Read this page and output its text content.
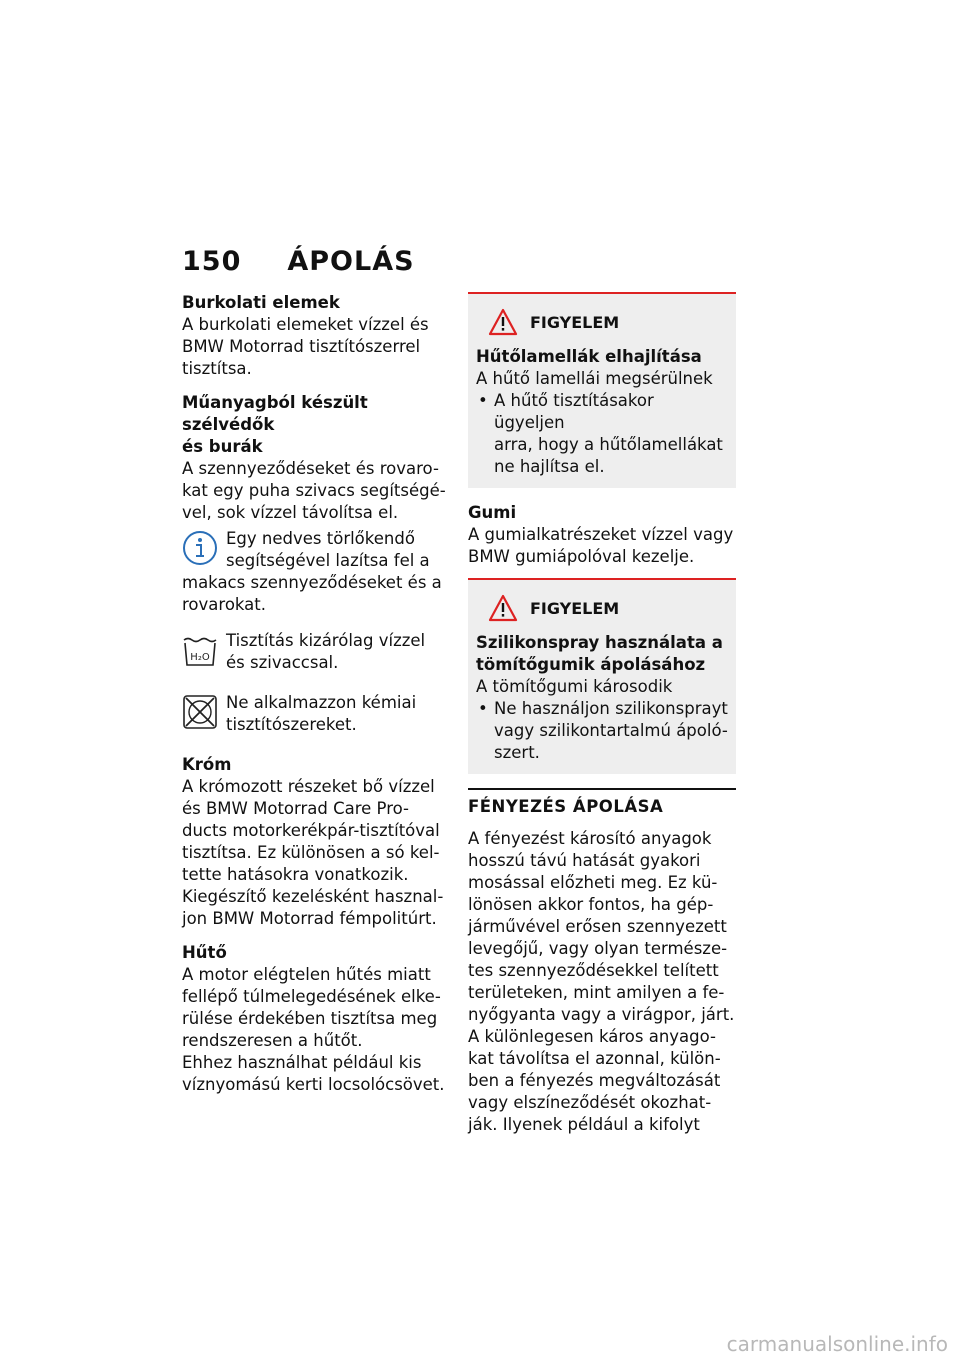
150 ÁPOLÁS
Burkolati elemek
A burkolati elemeket vízzel és
BMW Motorrad tisztítószerrel
tisztítsa.
Műanyagból készült szélvédők
és burák
A szennyeződéseket és rovaro-
kat egy puha szivacs segítségé-
vel, sok vízzel távolítsa el.
Egy nedves törlőkendő
segítségével lazítsa fel a
makacs szennyeződéseket és a
rovarokat.
H₂O
Tisztítás kizárólag vízzel
és szivaccsal.
Ne alkalmazzon kémiai
tisztítószereket.
Króm
A krómozott részeket bő vízzel
és BMW Motorrad Care Pro-
ducts motorkerékpár-tisztítóval
tisztítsa. Ez különösen a só kel-
tette hatásokra vonatkozik.
Kiegészítő kezelésként hasznal-
jon BMW Motorrad fémpolitúrt.
Hűtő
A motor elégtelen hűtés miatt
fellépő túlmelegedésének elke-
rülése érdekében tisztítsa meg
rendszeresen a hűtőt.
Ehhez használhat például kis
víznyomású kerti locsolócsövet.
FIGYELEM
Hűtőlamellák elhajlítása
A hűtő lamellái megsérülnek
• A hűtő tisztításakor ügyeljen
arra, hogy a hűtőlamellákat
ne hajlítsa el.
Gumi
A gumialkatrészeket vízzel vagy
BMW gumiápolóval kezelje.
FIGYELEM
Szilikonspray használata a
tömítőgumik ápolásához
A tömítőgumi károsodik
• Ne használjon szilikonsprayt
vagy szilikontartalmú ápoló-
szert.
FÉNYEZÉS ÁPOLÁSA
A fényezést károsító anyagok
hosszú távú hatását gyakori
mosással előzheti meg. Ez kü-
lönösen akkor fontos, ha gép-
járművével erősen szennyezett
levegőjű, vagy olyan természe-
tes szennyeződésekkel telített
területeken, mint amilyen a fe-
nyőgyanta vagy a virágpor, járt.
A különlegesen káros anyago-
kat távolítsa el azonnal, külön-
ben a fényezés megváltozását
vagy elszíneződését okozhat-
ják. Ilyenek például a kifolyt
carmanualsonline.info
